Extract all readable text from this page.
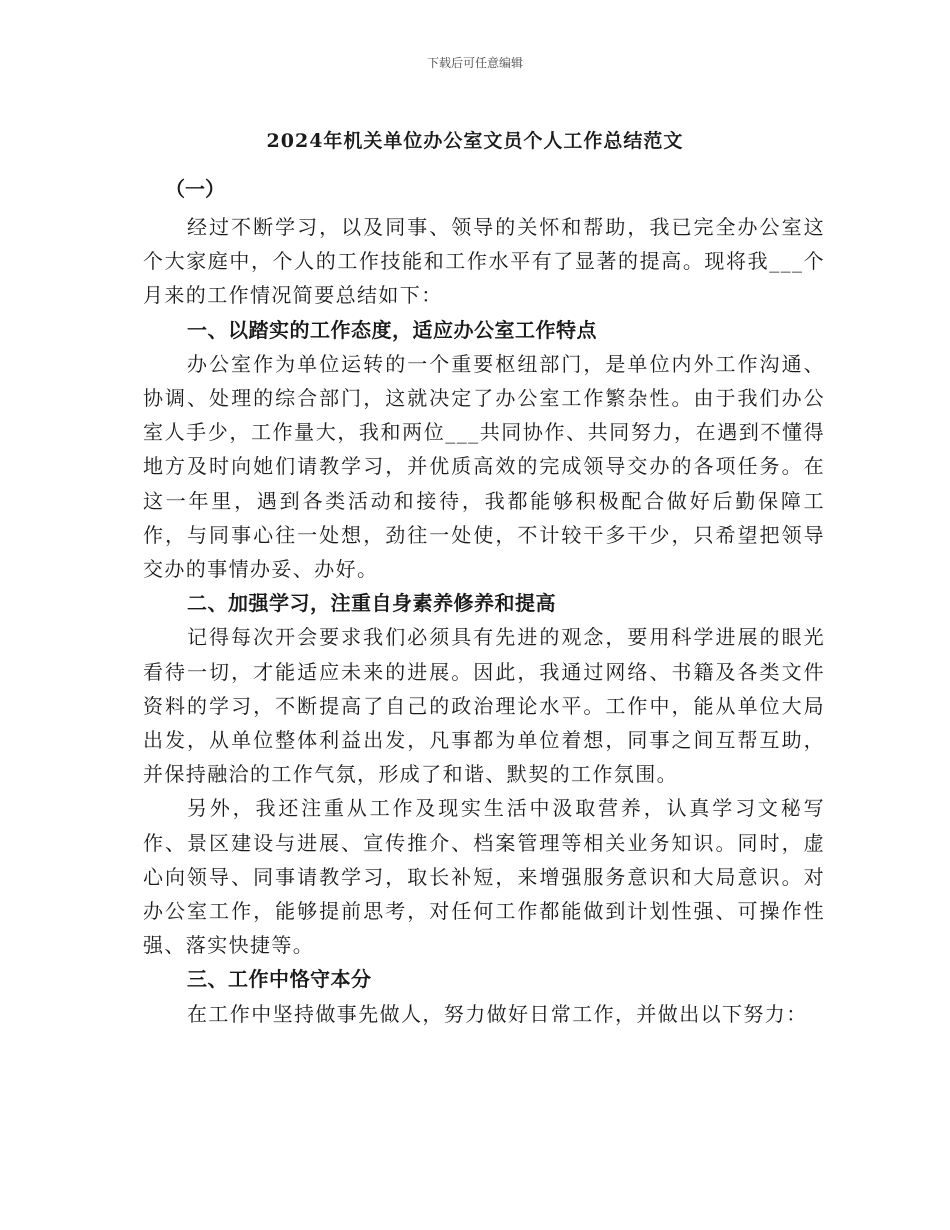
下载后可任意编辑
2024年机关单位办公室文员个人工作总结范文
（一）

经过不断学习，以及同事、领导的关怀和帮助，我已完全办公室这个大家庭中，个人的工作技能和工作水平有了显著的提高。现将我___个月来的工作情况简要总结如下：

一、以踏实的工作态度，适应办公室工作特点

办公室作为单位运转的一个重要枢纽部门，是单位内外工作沟通、协调、处理的综合部门，这就决定了办公室工作繁杂性。由于我们办公室人手少，工作量大，我和两位___共同协作、共同努力，在遇到不懂得地方及时向她们请教学习，并优质高效的完成领导交办的各项任务。在这一年里，遇到各类活动和接待，我都能够积极配合做好后勤保障工作，与同事心往一处想，劲往一处使，不计较干多干少，只希望把领导交办的事情办妥、办好。

二、加强学习，注重自身素养修养和提高

记得每次开会要求我们必须具有先进的观念，要用科学进展的眼光看待一切，才能适应未来的进展。因此，我通过网络、书籍及各类文件资料的学习，不断提高了自己的政治理论水平。工作中，能从单位大局出发，从单位整体利益出发，凡事都为单位着想，同事之间互帮互助，并保持融洽的工作气氛，形成了和谐、默契的工作氛围。

另外，我还注重从工作及现实生活中汲取营养，认真学习文秘写作、景区建设与进展、宣传推介、档案管理等相关业务知识。同时，虚心向领导、同事请教学习，取长补短，来增强服务意识和大局意识。对办公室工作，能够提前思考，对任何工作都能做到计划性强、可操作性强、落实快捷等。

三、工作中恪守本分

在工作中坚持做事先做人，努力做好日常工作，并做出以下努力：
